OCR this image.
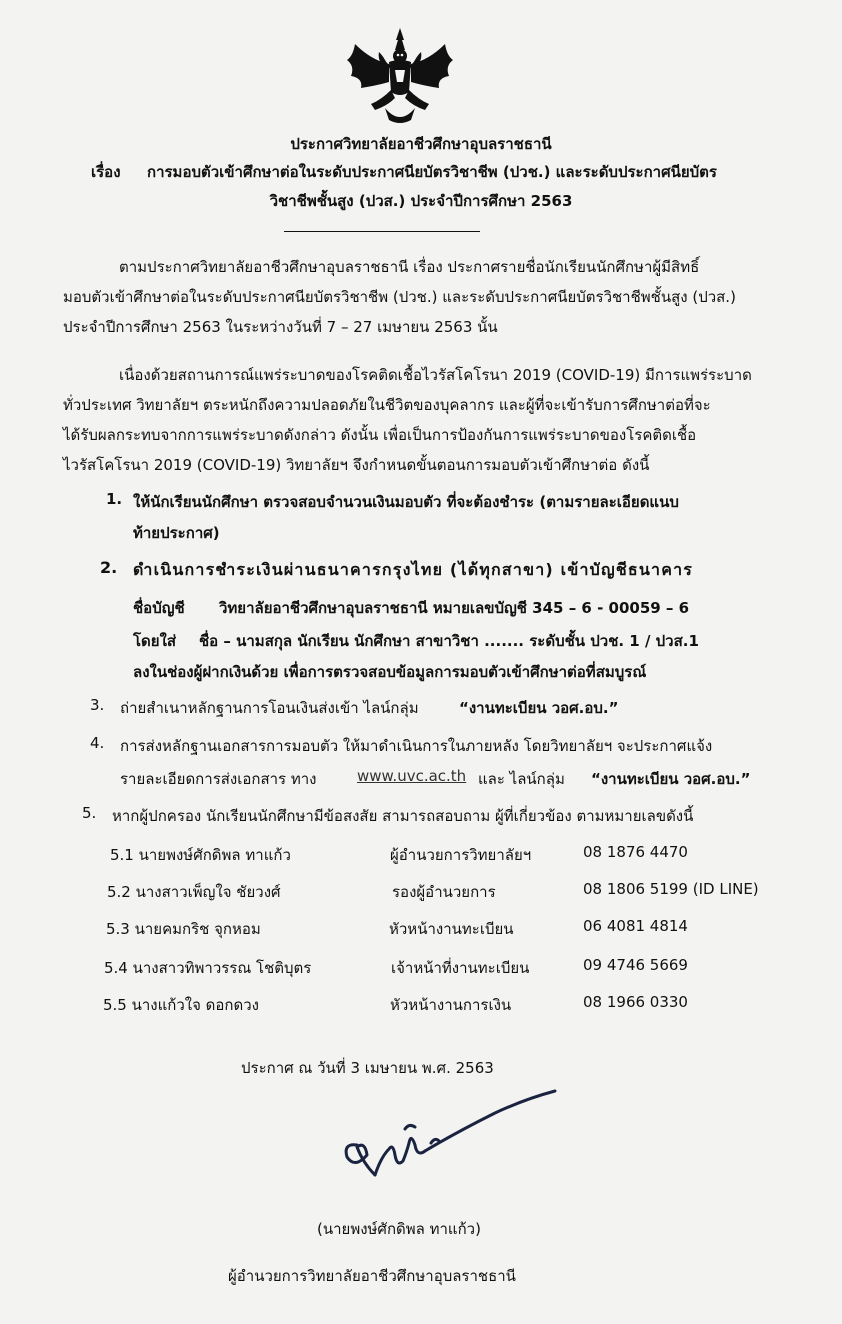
ประกาศวิทยาลัยอาชีวศึกษาอุบลราชธานี
เรื่อง การมอบตัวเข้าศึกษาต่อในระดับประกาศนียบัตรวิชาชีพ (ปวช.) และระดับประกาศนียบัตร
วิชาชีพชั้นสูง (ปวส.) ประจำปีการศึกษา 2563
ตามประกาศวิทยาลัยอาชีวศึกษาอุบลราชธานี เรื่อง ประกาศรายชื่อนักเรียนนักศึกษาผู้มีสิทธิ์
มอบตัวเข้าศึกษาต่อในระดับประกาศนียบัตรวิชาชีพ (ปวช.) และระดับประกาศนียบัตรวิชาชีพชั้นสูง (ปวส.)
ประจำปีการศึกษา 2563 ในระหว่างวันที่ 7 – 27 เมษายน 2563 นั้น
เนื่องด้วยสถานการณ์แพร่ระบาดของโรคติดเชื้อไวรัสโคโรนา 2019 (COVID-19) มีการแพร่ระบาด
ทั่วประเทศ วิทยาลัยฯ ตระหนักถึงความปลอดภัยในชีวิตของบุคลากร และผู้ที่จะเข้ารับการศึกษาต่อที่จะ
ได้รับผลกระทบจากการแพร่ระบาดดังกล่าว ดังนั้น เพื่อเป็นการป้องกันการแพร่ระบาดของโรคติดเชื้อ
ไวรัสโคโรนา 2019 (COVID-19) วิทยาลัยฯ จึงกำหนดขั้นตอนการมอบตัวเข้าศึกษาต่อ ดังนี้
1. ให้นักเรียนนักศึกษา ตรวจสอบจำนวนเงินมอบตัว ที่จะต้องชำระ (ตามรายละเอียดแนบ
ท้ายประกาศ)
2. ดำเนินการชำระเงินผ่านธนาคารกรุงไทย (ได้ทุกสาขา) เข้าบัญชีธนาคาร
ชื่อบัญชี วิทยาลัยอาชีวศึกษาอุบลราชธานี หมายเลขบัญชี 345 – 6 - 00059 – 6
โดยใส่ ชื่อ – นามสกุล นักเรียน นักศึกษา สาขาวิชา ....... ระดับชั้น ปวช. 1 / ปวส.1
ลงในช่องผู้ฝากเงินด้วย เพื่อการตรวจสอบข้อมูลการมอบตัวเข้าศึกษาต่อที่สมบูรณ์
3. ถ่ายสำเนาหลักฐานการโอนเงินส่งเข้า ไลน์กลุ่ม	“งานทะเบียน วอศ.อบ.”
4. การส่งหลักฐานเอกสารการมอบตัว ให้มาดำเนินการในภายหลัง โดยวิทยาลัยฯ จะประกาศแจ้ง
รายละเอียดการส่งเอกสาร ทาง	www.uvc.ac.th และ ไลน์กลุ่ม “งานทะเบียน วอศ.อบ.”
5. หากผู้ปกครอง นักเรียนนักศึกษามีข้อสงสัย สามารถสอบถาม ผู้ที่เกี่ยวข้อง ตามหมายเลขดังนี้
5.1 นายพงษ์ศักดิพล ทาแก้ว	ผู้อำนวยการวิทยาลัยฯ	08 1876 4470
5.2 นางสาวเพ็ญใจ ชัยวงศ์	รองผู้อำนวยการ	08 1806 5199 (ID LINE)
5.3 นายคมกริช จุกหอม	หัวหน้างานทะเบียน	06 4081 4814
5.4 นางสาวทิพาวรรณ โชติบุตร	เจ้าหน้าที่งานทะเบียน	09 4746 5669
5.5 นางแก้วใจ ดอกดวง	หัวหน้างานการเงิน	08 1966 0330
ประกาศ ณ วันที่ 3 เมษายน พ.ศ. 2563
(นายพงษ์ศักดิพล ทาแก้ว)
ผู้อำนวยการวิทยาลัยอาชีวศึกษาอุบลราชธานี
